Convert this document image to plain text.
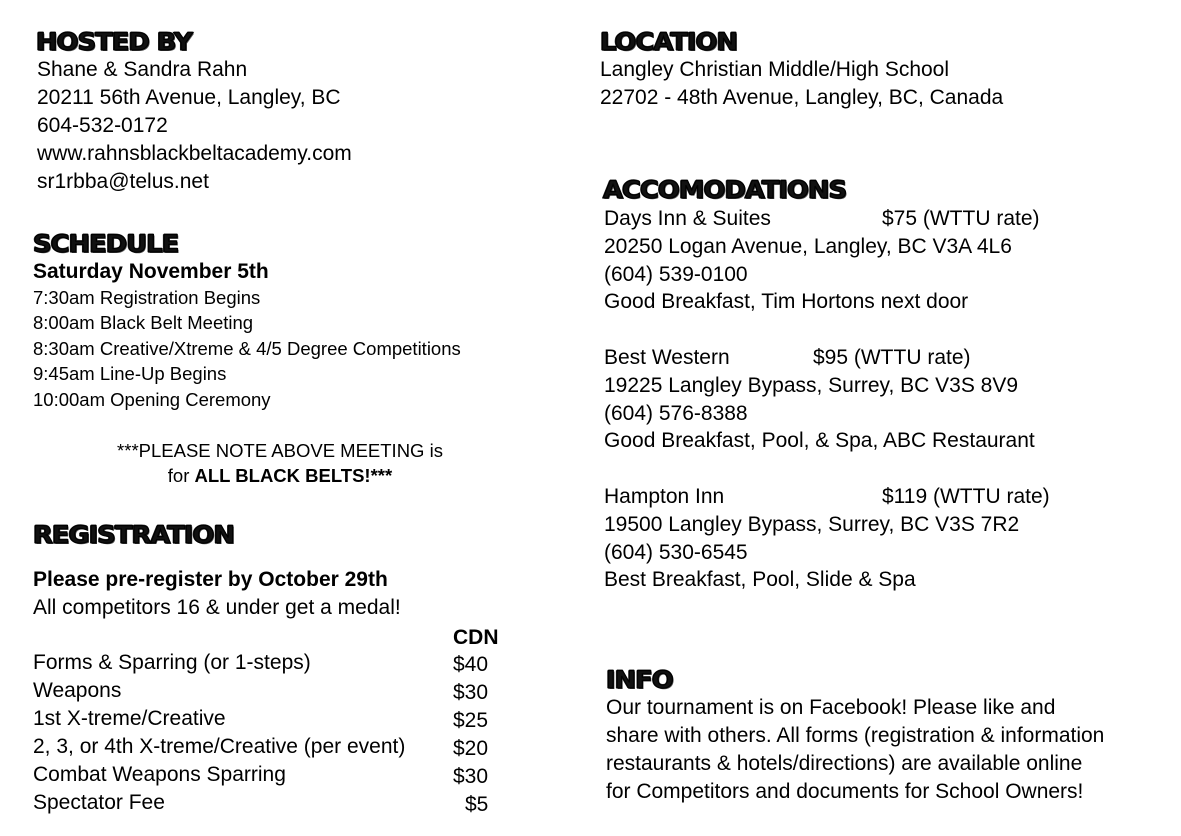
HOSTED BY
Shane & Sandra Rahn
20211 56th Avenue, Langley, BC
604-532-0172
www.rahnsblackbeltacademy.com
sr1rbba@telus.net
SCHEDULE
Saturday November 5th
7:30am Registration Begins
8:00am Black Belt Meeting
8:30am Creative/Xtreme & 4/5 Degree Competitions
9:45am Line-Up Begins
10:00am Opening Ceremony
***PLEASE NOTE ABOVE MEETING is
for ALL BLACK BELTS!***
REGISTRATION
Please pre-register by October 29th
All competitors 16 & under get a medal!
CDN
Forms & Sparring (or 1-steps)	$40
Weapons	$30
1st X-treme/Creative	$25
2, 3, or 4th X-treme/Creative (per event) $20
Combat Weapons Sparring	$30
Spectator Fee	$5
LOCATION
Langley Christian Middle/High School
22702 - 48th Avenue, Langley, BC, Canada
ACCOMODATIONS
Days Inn & Suites	$75 (WTTU rate)
20250 Logan Avenue, Langley, BC V3A 4L6
(604) 539-0100
Good Breakfast, Tim Hortons next door
Best Western	$95 (WTTU rate)
19225 Langley Bypass, Surrey, BC V3S 8V9
(604) 576-8388
Good Breakfast, Pool, & Spa, ABC Restaurant
Hampton Inn	$119 (WTTU rate)
19500 Langley Bypass, Surrey, BC V3S 7R2
(604) 530-6545
Best Breakfast, Pool, Slide & Spa
INFO
Our tournament is on Facebook! Please like and
share with others. All forms (registration & information
restaurants & hotels/directions) are available online
for Competitors and documents for School Owners!
